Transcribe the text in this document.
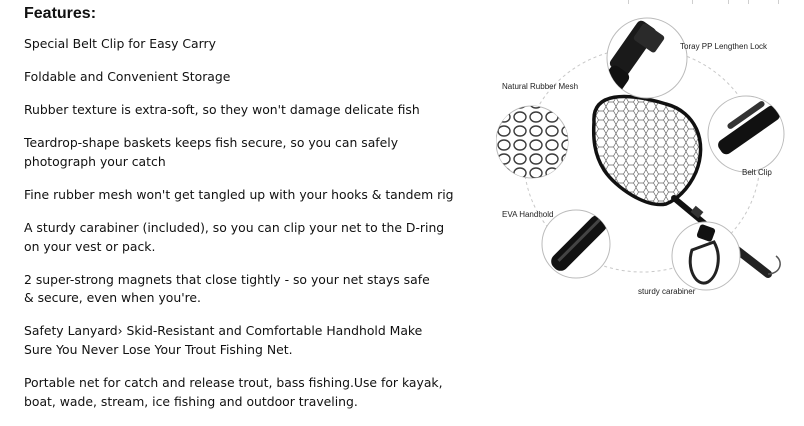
Features:
Special Belt Clip for Easy Carry
Foldable and Convenient Storage
Rubber texture is extra-soft, so they won't damage delicate fish
Teardrop-shape baskets keeps fish secure, so you can safely photograph your catch
Fine rubber mesh won't get tangled up with your hooks & tandem rig
A sturdy carabiner (included), so you can clip your net to the D-ring on your vest or pack.
2 super-strong magnets that close tightly - so your net stays safe & secure, even when you're.
Safety Lanyard› Skid-Resistant and Comfortable Handhold Make Sure You Never Lose Your Trout Fishing Net.
Portable net for catch and release trout, bass fishing.Use for kayak, boat, wade, stream, ice fishing and outdoor traveling.
Toray PP Lengthen Lock
Natural Rubber Mesh
Belt Clip
EVA Handhold
sturdy carabiner
